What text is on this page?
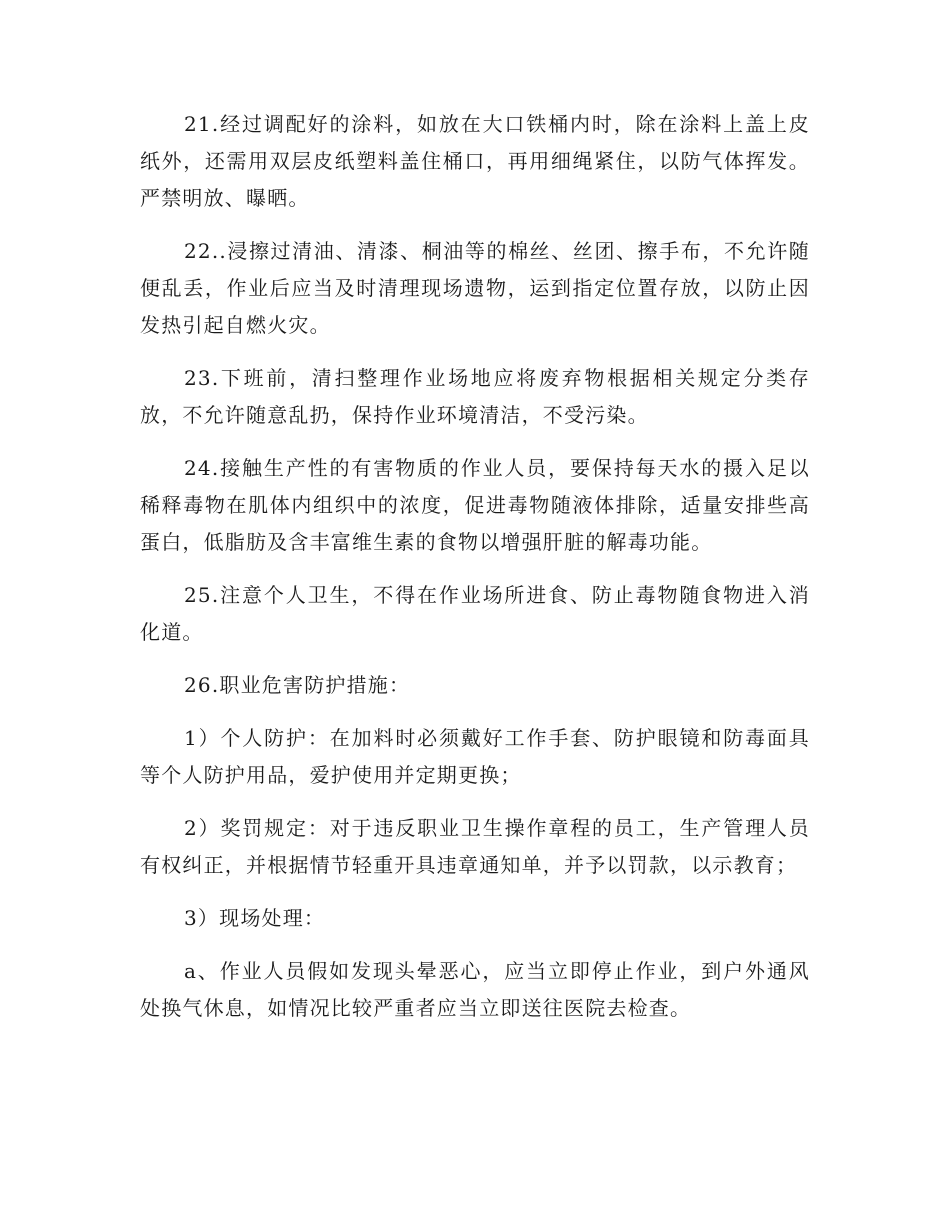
21.经过调配好的涂料，如放在大口铁桶内时，除在涂料上盖上皮纸外，还需用双层皮纸塑料盖住桶口，再用细绳紧住，以防气体挥发。严禁明放、曝晒。

22..浸擦过清油、清漆、桐油等的棉丝、丝团、擦手布，不允许随便乱丢，作业后应当及时清理现场遗物，运到指定位置存放，以防止因发热引起自燃火灾。

23.下班前，清扫整理作业场地应将废弃物根据相关规定分类存放，不允许随意乱扔，保持作业环境清洁，不受污染。

24.接触生产性的有害物质的作业人员，要保持每天水的摄入足以稀释毒物在肌体内组织中的浓度，促进毒物随液体排除，适量安排些高蛋白，低脂肪及含丰富维生素的食物以增强肝脏的解毒功能。

25.注意个人卫生，不得在作业场所进食、防止毒物随食物进入消化道。

26.职业危害防护措施：

1）个人防护：在加料时必须戴好工作手套、防护眼镜和防毒面具等个人防护用品，爱护使用并定期更换；

2）奖罚规定：对于违反职业卫生操作章程的员工，生产管理人员有权纠正，并根据情节轻重开具违章通知单，并予以罚款，以示教育；

3）现场处理：

a、作业人员假如发现头晕恶心，应当立即停止作业，到户外通风处换气休息，如情况比较严重者应当立即送往医院去检查。
